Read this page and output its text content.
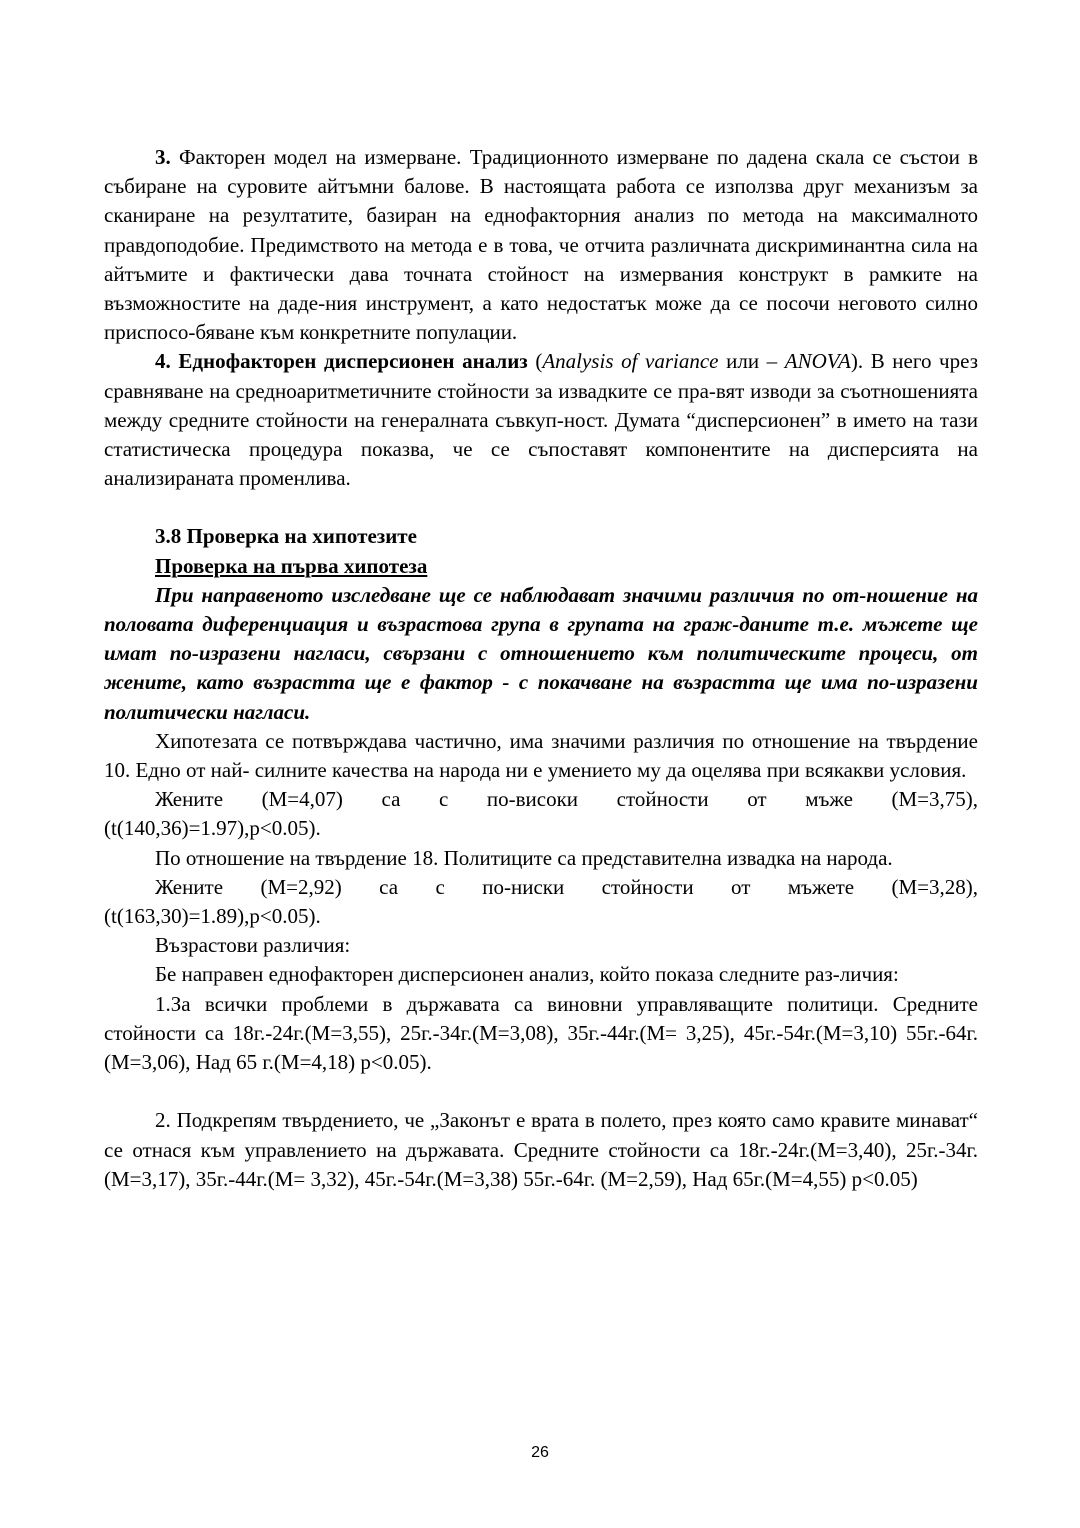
3. Факторен модел на измерване. Традиционното измерване по дадена скала се състои в събиране на суровите айтъмни балове. В настоящата работа се използва друг механизъм за сканиране на резултатите, базиран на еднофакторния анализ по метода на максималното правдоподобие. Предимството на метода е в това, че отчита различната дискриминантна сила на айтъмите и фактически дава точната стойност на измервания конструкт в рамките на възможностите на даде-ния инструмент, а като недостатък може да се посочи неговото силно приспосо-бяване към конкретните популации.

4. Еднофакторен дисперсионен анализ (Analysis of variance или – ANOVA). В него чрез сравняване на средноаритметичните стойности за извадките се пра-вят изводи за съотношенията между средните стойности на генералната съвкуп-ност. Думата “дисперсионен” в името на тази статистическа процедура показва, че се съпоставят компонентите на дисперсията на анализираната променлива.

3.8 Проверка на хипотезите

Проверка на първа хипотеза

При направеното изследване ще се наблюдават значими различия по от-ношение на половата диференциация и възрастова група в групата на граж-даните т.е. мъжете ще имат по-изразени нагласи, свързани с отношението към политическите процеси, от жените, като възрастта ще е фактор - с покачване на възрастта ще има по-изразени политически нагласи.

Хипотезата се потвърждава частично, има значими различия по отношение на твърдение 10. Едно от най- силните качества на народа ни е умението му да оцелява при всякакви условия.

Жените (М=4,07) са с по-високи стойности от мъже (М=3,75),

(t(140,36)=1.97),р<0.05).

По отношение на твърдение 18. Политиците са представителна извадка на народа.

Жените (М=2,92) са с по-ниски стойности от мъжете (М=3,28),

(t(163,30)=1.89),р<0.05).

Възрастови различия:

Бе направен еднофакторен дисперсионен анализ, който показа следните раз-личия:

1.За всички проблеми в държавата са виновни управляващите политици. Средните стойности са 18г.-24г.(М=3,55), 25г.-34г.(М=3,08), 35г.-44г.(М= 3,25), 45г.-54г.(М=3,10) 55г.-64г. (М=3,06), Над 65 г.(М=4,18) р<0.05).

2. Подкрепям твърдението, че „Законът е врата в полето, през която само кравите минават“ се отнася към управлението на държавата. Средните стойности са 18г.-24г.(М=3,40), 25г.-34г.(М=3,17), 35г.-44г.(М= 3,32), 45г.-54г.(М=3,38) 55г.-64г. (М=2,59), Над 65г.(М=4,55) р<0.05)

26
